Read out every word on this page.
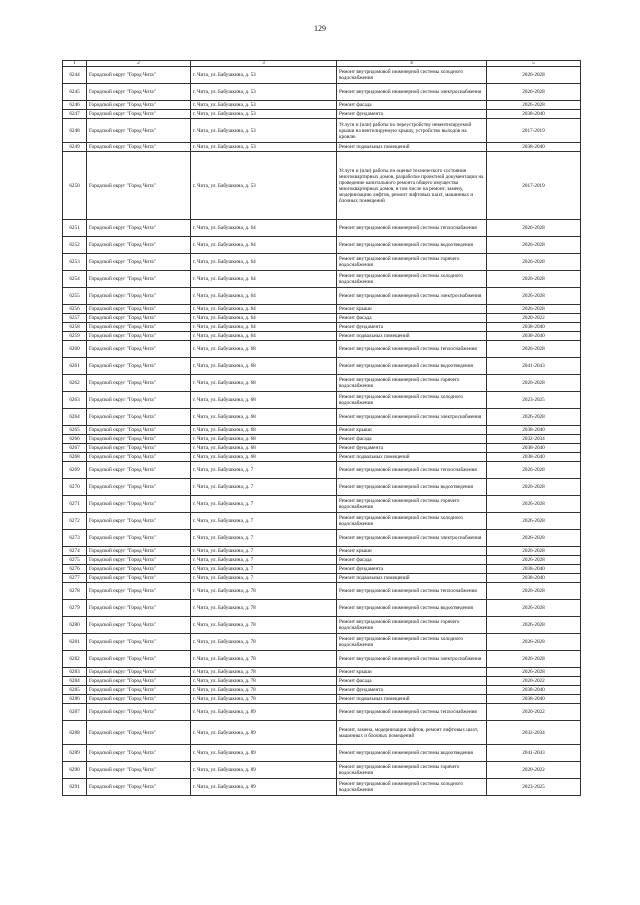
129
1	2	3	4	5
6244	Городской округ "Город Чита"	г. Чита, ул. Бабушкина, д. 53	Ремонт внутридомовой инженерной системы холодного водоснабжения	2026-2028
6245	Городской округ "Город Чита"	г. Чита, ул. Бабушкина, д. 53	Ремонт внутридомовой инженерной системы электроснабжения	2026-2028
6246	Городской округ "Город Чита"	г. Чита, ул. Бабушкина, д. 53	Ремонт фасада	2026-2028
6247	Городской округ "Город Чита"	г. Чита, ул. Бабушкина, д. 53	Ремонт фундамента	2038-2040
6248	Городской округ "Город Чита"	г. Чита, ул. Бабушкина, д. 53	Услуги и (или) работы по переустройству невентилируемой крыши на вентилируемую крышу, устройство выходов на кровлю	2017-2019
6249	Городской округ "Город Чита"	г. Чита, ул. Бабушкина, д. 53	Ремонт подвальных помещений	2038-2040
6250	Городской округ "Город Чита"	г. Чита, ул. Бабушкина, д. 53	Услуги и (или) работы по оценке технического состояния многоквартирных домов, разработке проектной документации на проведение капитального ремонта общего имущества многоквартирных домов, в том числе на ремонт, замену, модернизацию лифтов, ремонт лифтовых шахт, машинных и блочных помещений	2017-2019
6251	Городской округ "Город Чита"	г. Чита, ул. Бабушкина, д. 64	Ремонт внутридомовой инженерной системы теплоснабжения	2026-2028
6252	Городской округ "Город Чита"	г. Чита, ул. Бабушкина, д. 64	Ремонт внутридомовой инженерной системы водоотведения	2026-2028
6253	Городской округ "Город Чита"	г. Чита, ул. Бабушкина, д. 64	Ремонт внутридомовой инженерной системы горячего водоснабжения	2026-2028
6254	Городской округ "Город Чита"	г. Чита, ул. Бабушкина, д. 64	Ремонт внутридомовой инженерной системы холодного водоснабжения	2026-2028
6255	Городской округ "Город Чита"	г. Чита, ул. Бабушкина, д. 64	Ремонт внутридомовой инженерной системы электроснабжения	2026-2028
6256	Городской округ "Город Чита"	г. Чита, ул. Бабушкина, д. 64	Ремонт крыши	2026-2028
6257	Городской округ "Город Чита"	г. Чита, ул. Бабушкина, д. 64	Ремонт фасада	2020-2022
6258	Городской округ "Город Чита"	г. Чита, ул. Бабушкина, д. 64	Ремонт фундамента	2038-2040
6259	Городской округ "Город Чита"	г. Чита, ул. Бабушкина, д. 64	Ремонт подвальных помещений	2038-2040
6260	Городской округ "Город Чита"	г. Чита, ул. Бабушкина, д. 68	Ремонт внутридомовой инженерной системы теплоснабжения	2026-2028
6261	Городской округ "Город Чита"	г. Чита, ул. Бабушкина, д. 68	Ремонт внутридомовой инженерной системы водоотведения	2041-2043
6262	Городской округ "Город Чита"	г. Чита, ул. Бабушкина, д. 68	Ремонт внутридомовой инженерной системы горячего водоснабжения	2026-2028
6263	Городской округ "Город Чита"	г. Чита, ул. Бабушкина, д. 68	Ремонт внутридомовой инженерной системы холодного водоснабжения	2023-2025
6264	Городской округ "Город Чита"	г. Чита, ул. Бабушкина, д. 68	Ремонт внутридомовой инженерной системы электроснабжения	2026-2028
6265	Городской округ "Город Чита"	г. Чита, ул. Бабушкина, д. 68	Ремонт крыши	2038-2040
6266	Городской округ "Город Чита"	г. Чита, ул. Бабушкина, д. 68	Ремонт фасада	2032-2034
6267	Городской округ "Город Чита"	г. Чита, ул. Бабушкина, д. 68	Ремонт фундамента	2038-2040
6268	Городской округ "Город Чита"	г. Чита, ул. Бабушкина, д. 68	Ремонт подвальных помещений	2038-2040
6269	Городской округ "Город Чита"	г. Чита, ул. Бабушкина, д. 7	Ремонт внутридомовой инженерной системы теплоснабжения	2026-2028
6270	Городской округ "Город Чита"	г. Чита, ул. Бабушкина, д. 7	Ремонт внутридомовой инженерной системы водоотведения	2026-2028
6271	Городской округ "Город Чита"	г. Чита, ул. Бабушкина, д. 7	Ремонт внутридомовой инженерной системы горячего водоснабжения	2026-2028
6272	Городской округ "Город Чита"	г. Чита, ул. Бабушкина, д. 7	Ремонт внутридомовой инженерной системы холодного водоснабжения	2026-2028
6273	Городской округ "Город Чита"	г. Чита, ул. Бабушкина, д. 7	Ремонт внутридомовой инженерной системы электроснабжения	2026-2028
6274	Городской округ "Город Чита"	г. Чита, ул. Бабушкина, д. 7	Ремонт крыши	2026-2028
6275	Городской округ "Город Чита"	г. Чита, ул. Бабушкина, д. 7	Ремонт фасада	2026-2028
6276	Городской округ "Город Чита"	г. Чита, ул. Бабушкина, д. 7	Ремонт фундамента	2038-2040
6277	Городской округ "Город Чита"	г. Чита, ул. Бабушкина, д. 7	Ремонт подвальных помещений	2038-2040
6278	Городской округ "Город Чита"	г. Чита, ул. Бабушкина, д. 78	Ремонт внутридомовой инженерной системы теплоснабжения	2026-2028
6279	Городской округ "Город Чита"	г. Чита, ул. Бабушкина, д. 78	Ремонт внутридомовой инженерной системы водоотведения	2026-2028
6280	Городской округ "Город Чита"	г. Чита, ул. Бабушкина, д. 78	Ремонт внутридомовой инженерной системы горячего водоснабжения	2026-2028
6281	Городской округ "Город Чита"	г. Чита, ул. Бабушкина, д. 78	Ремонт внутридомовой инженерной системы холодного водоснабжения	2026-2028
6282	Городской округ "Город Чита"	г. Чита, ул. Бабушкина, д. 78	Ремонт внутридомовой инженерной системы электроснабжения	2026-2028
6283	Городской округ "Город Чита"	г. Чита, ул. Бабушкина, д. 78	Ремонт крыши	2026-2028
6284	Городской округ "Город Чита"	г. Чита, ул. Бабушкина, д. 78	Ремонт фасада	2020-2022
6285	Городской округ "Город Чита"	г. Чита, ул. Бабушкина, д. 78	Ремонт фундамента	2038-2040
6286	Городской округ "Город Чита"	г. Чита, ул. Бабушкина, д. 78	Ремонт подвальных помещений	2038-2040
6287	Городской округ "Город Чита"	г. Чита, ул. Бабушкина, д. 89	Ремонт внутридомовой инженерной системы теплоснабжения	2020-2022
6288	Городской округ "Город Чита"	г. Чита, ул. Бабушкина, д. 89	Ремонт, замена, модернизация лифтов, ремонт лифтовых шахт, машинных и блочных помещений	2032-2034
6289	Городской округ "Город Чита"	г. Чита, ул. Бабушкина, д. 89	Ремонт внутридомовой инженерной системы водоотведения	2041-2043
6290	Городской округ "Город Чита"	г. Чита, ул. Бабушкина, д. 89	Ремонт внутридомовой инженерной системы горячего водоснабжения	2020-2022
6291	Городской округ "Город Чита"	г. Чита, ул. Бабушкина, д. 89	Ремонт внутридомовой инженерной системы холодного водоснабжения	2023-2025
